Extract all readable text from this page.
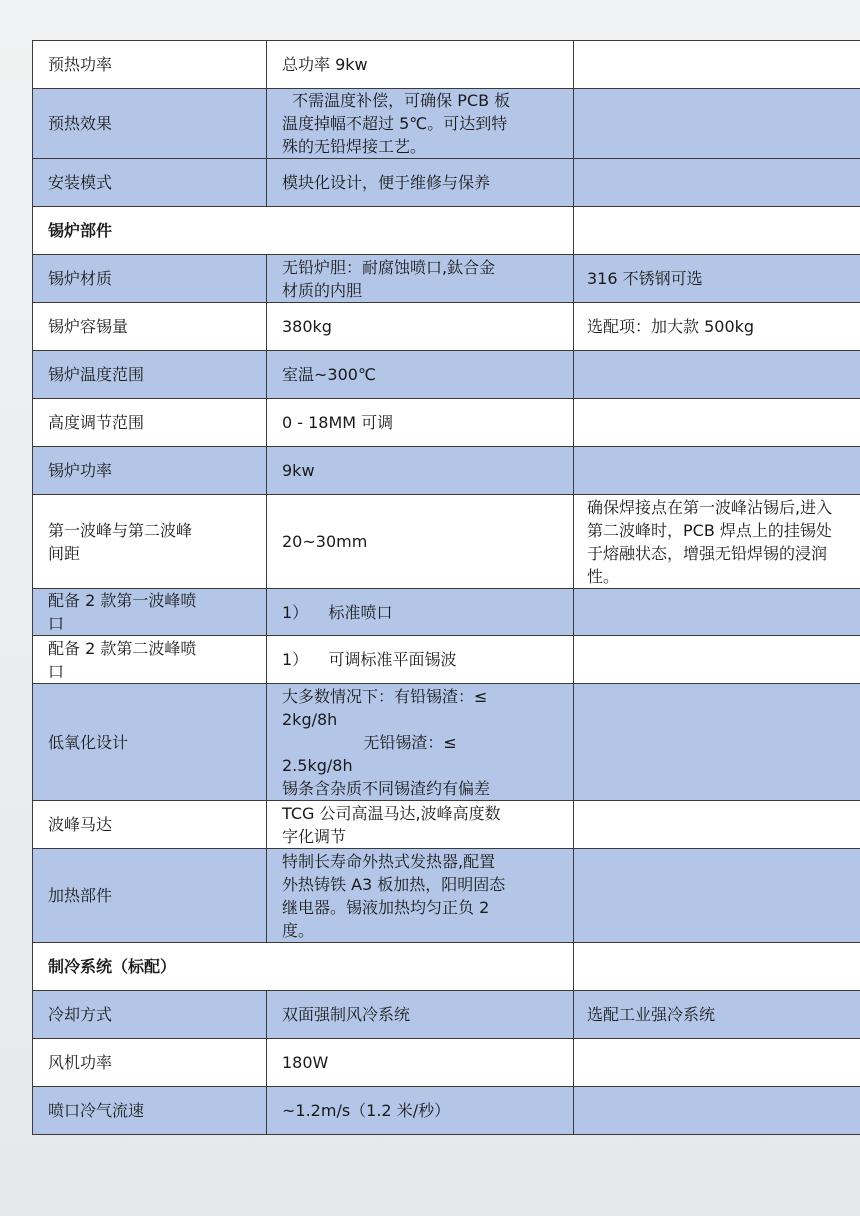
预热功率	总功率 9kw	

预热效果	不需温度补偿，可确保 PCB 板
温度掉幅不超过 5℃。可达到特
殊的无铅焊接工艺。	

安装模式	模块化设计，便于维修与保养	

锡炉部件		
锡炉材质	无铅炉胆：耐腐蚀喷口,鈦合金
材质的内胆	316 不锈钢可选

锡炉容锡量	380kg	选配项：加大款 500kg

锡炉温度范围	室温~300℃	

高度调节范围	0 - 18MM 可调	

锡炉功率	9kw	

第一波峰与第二波峰
间距	20~30mm	确保焊接点在第一波峰沾锡后,进入
第二波峰时，PCB 焊点上的挂锡处
于熔融状态，增强无铅焊锡的浸润
性。

配备 2 款第一波峰喷
口	1）    标准喷口	

配备 2 款第二波峰喷
口	1）    可调标准平面锡波	

低氧化设计	大多数情况下：有铅锡渣：≤
2kg/8h
无铅锡渣：≤
2.5kg/8h
锡条含杂质不同锡渣约有偏差	

波峰马达	TCG 公司高温马达,波峰高度数
字化调节	

加热部件	特制长寿命外热式发热器,配置
外热铸铁 A3 板加热，阳明固态
继电器。锡液加热均匀正负 2
度。	

制冷系统（标配）		
冷却方式	双面强制风冷系统	选配工业强冷系统

风机功率	180W	

喷口冷气流速	~1.2m/s（1.2 米/秒）	
